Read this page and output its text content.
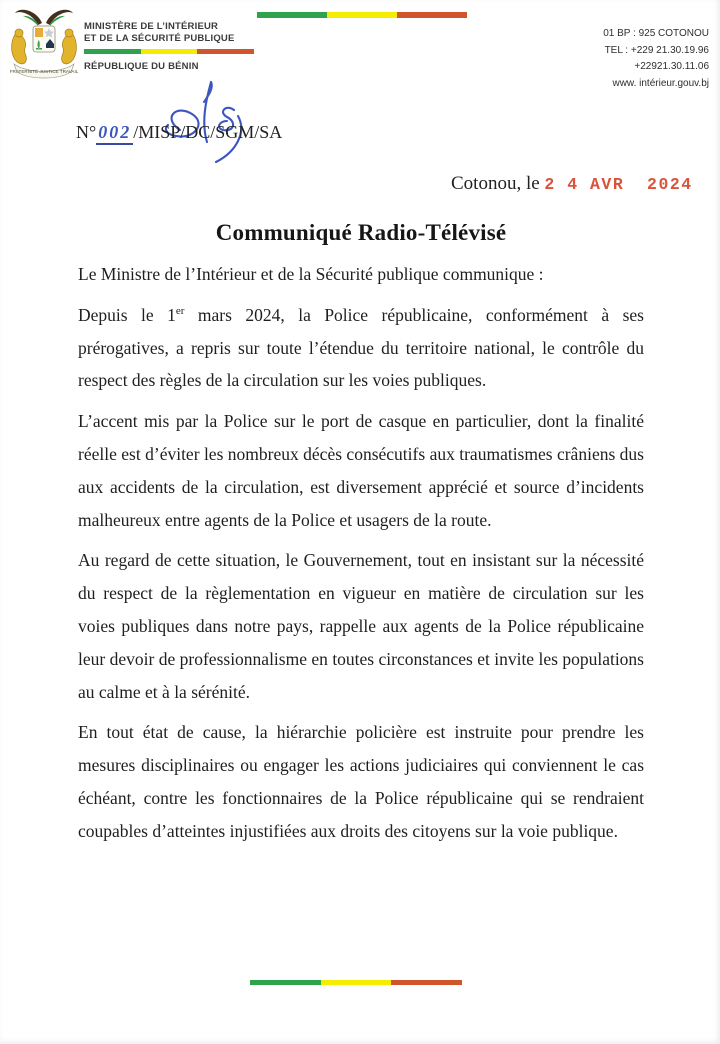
FRATERNITÉ JUSTICE TRAVAIL
MINISTÈRE DE L’INTÉRIEUR
ET DE LA SÉCURITÉ PUBLIQUE
RÉPUBLIQUE DU BÉNIN
01 BP : 925 COTONOU
TEL : +229 21.30.19.96
+22921.30.11.06
www. intérieur.gouv.bj
N° 002 /MISP/DC/SGM/SA

Cotonou, le 2 4 AVR  2024

Communiqué Radio-Télévisé

Le Ministre de l’Intérieur et de la Sécurité publique communique :

Depuis le 1er mars 2024, la Police républicaine, conformément à ses prérogatives, a repris sur toute l’étendue du territoire national, le contrôle du respect des règles de la circulation sur les voies publiques.

L’accent mis par la Police sur le port de casque en particulier, dont la finalité réelle est d’éviter les nombreux décès consécutifs aux traumatismes crâniens dus aux accidents de la circulation, est diversement apprécié et source d’incidents malheureux entre agents de la Police et usagers de la route.

Au regard de cette situation, le Gouvernement, tout en insistant sur la nécessité du respect de la règlementation en vigueur en matière de circulation sur les voies publiques dans notre pays, rappelle aux agents de la Police républicaine leur devoir de professionnalisme en toutes circonstances et invite les populations au calme et à la sérénité.

En tout état de cause, la hiérarchie policière est instruite pour prendre les mesures disciplinaires ou engager les actions judiciaires qui conviennent le cas échéant, contre les fonctionnaires de la Police républicaine qui se rendraient coupables d’atteintes injustifiées aux droits des citoyens sur la voie publique.
